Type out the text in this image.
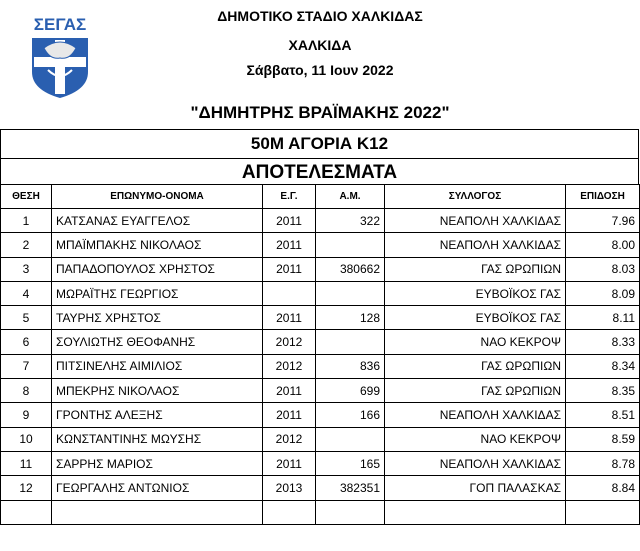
ΣΕΓΑΣ	ΔΗΜΟΤΙΚΟ ΣΤΑΔΙΟ ΧΑΛΚΙΔΑΣ
ΧΑΛΚΙΔΑ
Σάββατο, 11 Ιουν 2022
"ΔΗΜΗΤΡΗΣ ΒΡΑΪΜΑΚΗΣ 2022"
50Μ ΑΓΟΡΙΑ Κ12
ΑΠΟΤΕΛΕΣΜΑΤΑ
ΘΕΣΗ	ΕΠΩΝΥΜΟ-ΟΝΟΜΑ	Ε.Γ.	Α.Μ.	ΣΥΛΛΟΓΟΣ	ΕΠΙΔΟΣΗ
1	ΚΑΤΣΑΝΑΣ ΕΥΑΓΓΕΛΟΣ	2011	322	ΝΕΑΠΟΛΗ ΧΑΛΚΙΔΑΣ	7.96
2	ΜΠΑΪΜΠΑΚΗΣ ΝΙΚΟΛΑΟΣ	2011		ΝΕΑΠΟΛΗ ΧΑΛΚΙΔΑΣ	8.00
3	ΠΑΠΑΔΟΠΟΥΛΟΣ ΧΡΗΣΤΟΣ	2011	380662	ΓΑΣ ΩΡΩΠΙΩΝ	8.03
4	ΜΩΡΑΪΤΗΣ ΓΕΩΡΓΙΟΣ			ΕΥΒΟΪΚΟΣ ΓΑΣ	8.09
5	ΤΑΥΡΗΣ ΧΡΗΣΤΟΣ	2011	128	ΕΥΒΟΪΚΟΣ ΓΑΣ	8.11
6	ΣΟΥΛΙΩΤΗΣ ΘΕΟΦΑΝΗΣ	2012		ΝΑΟ ΚΕΚΡΟΨ	8.33
7	ΠΙΤΣΙΝΕΛΗΣ ΑΙΜΙΛΙΟΣ	2012	836	ΓΑΣ ΩΡΩΠΙΩΝ	8.34
8	ΜΠΕΚΡΗΣ ΝΙΚΟΛΑΟΣ	2011	699	ΓΑΣ ΩΡΩΠΙΩΝ	8.35
9	ΓΡΟΝΤΗΣ ΑΛΕΞΗΣ	2011	166	ΝΕΑΠΟΛΗ ΧΑΛΚΙΔΑΣ	8.51
10	ΚΩΝΣΤΑΝΤΙΝΗΣ ΜΩΥΣΗΣ	2012		ΝΑΟ ΚΕΚΡΟΨ	8.59
11	ΣΑΡΡΗΣ ΜΑΡΙΟΣ	2011	165	ΝΕΑΠΟΛΗ ΧΑΛΚΙΔΑΣ	8.78
12	ΓΕΩΡΓΑΛΗΣ ΑΝΤΩΝΙΟΣ	2013	382351	ΓΟΠ ΠΑΛΑΣΚΑΣ	8.84
